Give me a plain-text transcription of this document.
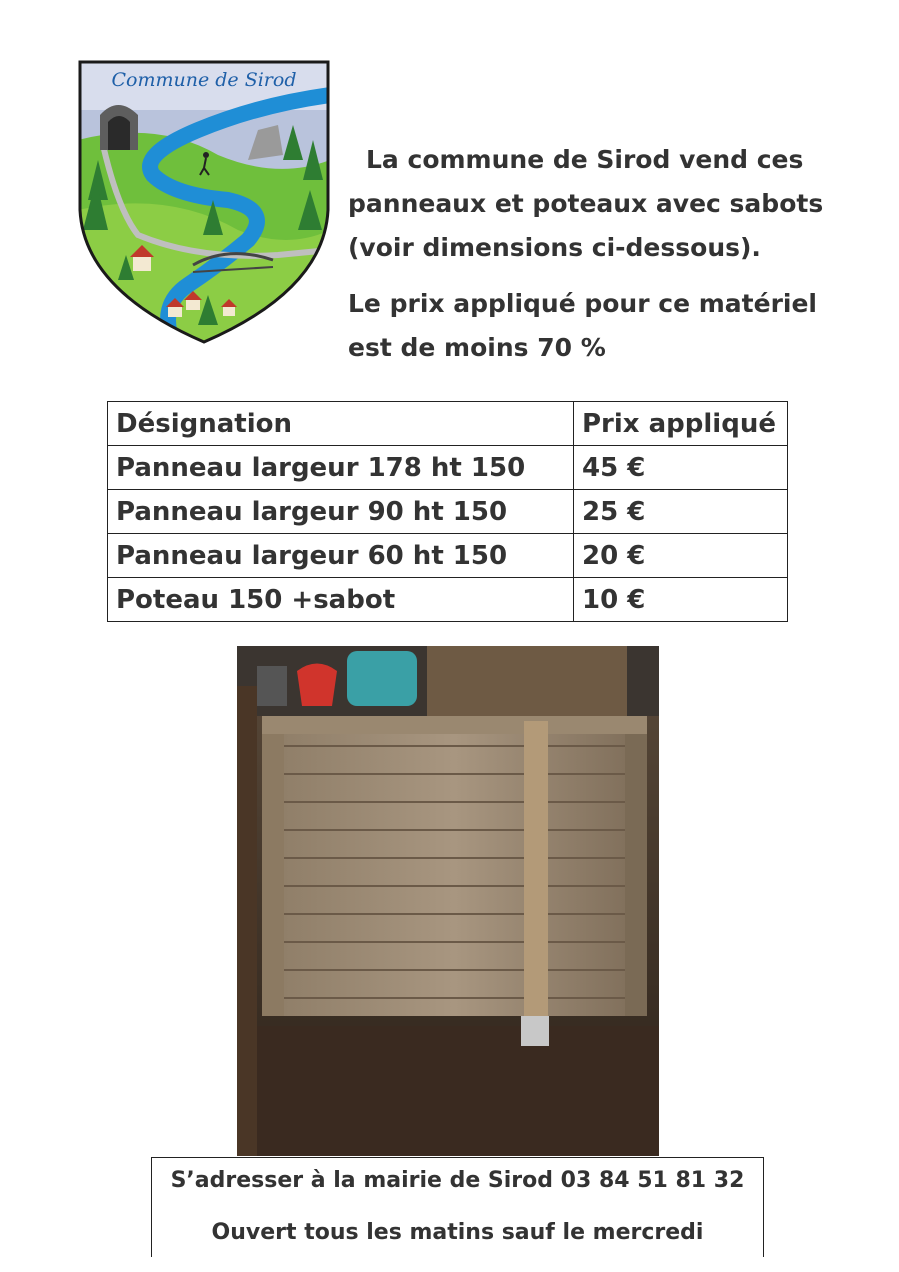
Commune de Sirod

La commune de Sirod vend ces

panneaux et poteaux avec sabots

(voir dimensions ci-dessous).

Le prix appliqué pour ce matériel

est de moins 70 %

Désignation	Prix appliqué
Panneau largeur 178 ht 150	45 €
Panneau largeur 90 ht 150	25 €
Panneau largeur 60 ht 150	20 €
Poteau 150 +sabot	10 €
S’adresser à la mairie de Sirod 03 84 51 81 32
Ouvert tous les matins sauf le mercredi
